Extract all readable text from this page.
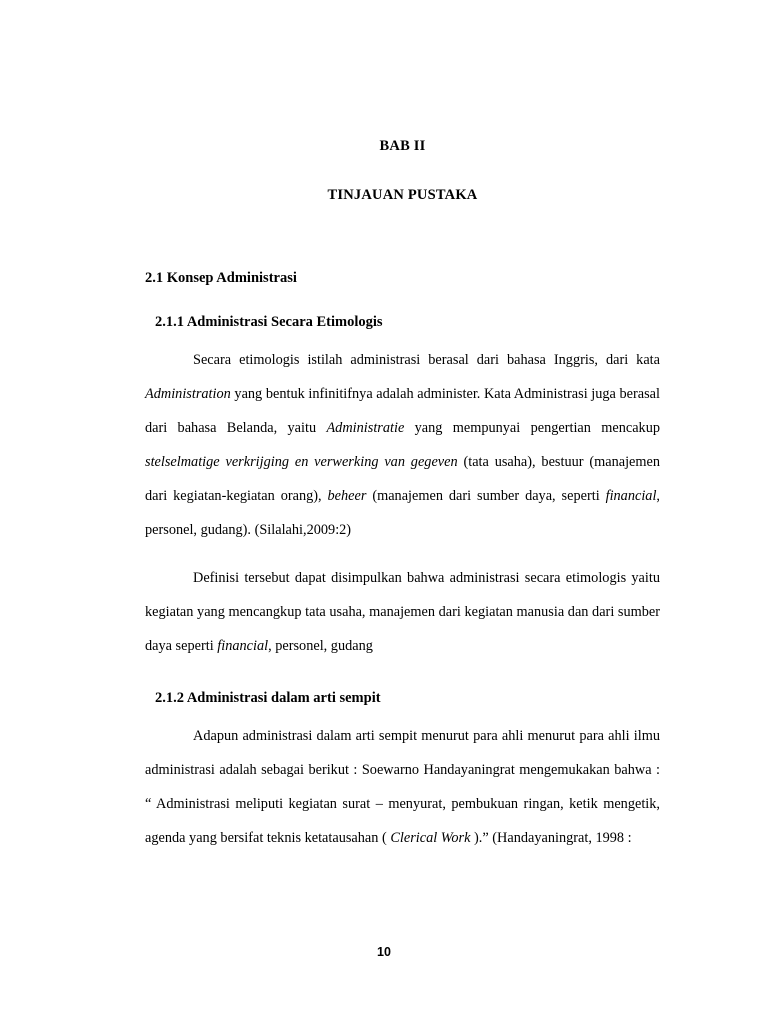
BAB II
TINJAUAN PUSTAKA
2.1 Konsep Administrasi
2.1.1 Administrasi Secara Etimologis

Secara etimologis istilah administrasi berasal dari bahasa Inggris, dari kata Administration yang bentuk infinitifnya adalah administer. Kata Administrasi juga berasal dari bahasa Belanda, yaitu Administratie yang mempunyai pengertian mencakup stelselmatige verkrijging en verwerking van gegeven (tata usaha), bestuur (manajemen dari kegiatan-kegiatan orang), beheer (manajemen dari sumber daya, seperti financial, personel, gudang). (Silalahi,2009:2)

Definisi tersebut dapat disimpulkan bahwa administrasi secara etimologis yaitu kegiatan yang mencangkup tata usaha, manajemen dari kegiatan manusia dan dari sumber daya seperti financial, personel, gudang

2.1.2 Administrasi dalam arti sempit

Adapun administrasi dalam arti sempit menurut para ahli menurut para ahli ilmu administrasi adalah sebagai berikut : Soewarno Handayaningrat mengemukakan bahwa : “ Administrasi meliputi kegiatan surat – menyurat, pembukuan ringan, ketik mengetik, agenda yang bersifat teknis ketatausahan ( Clerical Work ).” (Handayaningrat, 1998 :

10
